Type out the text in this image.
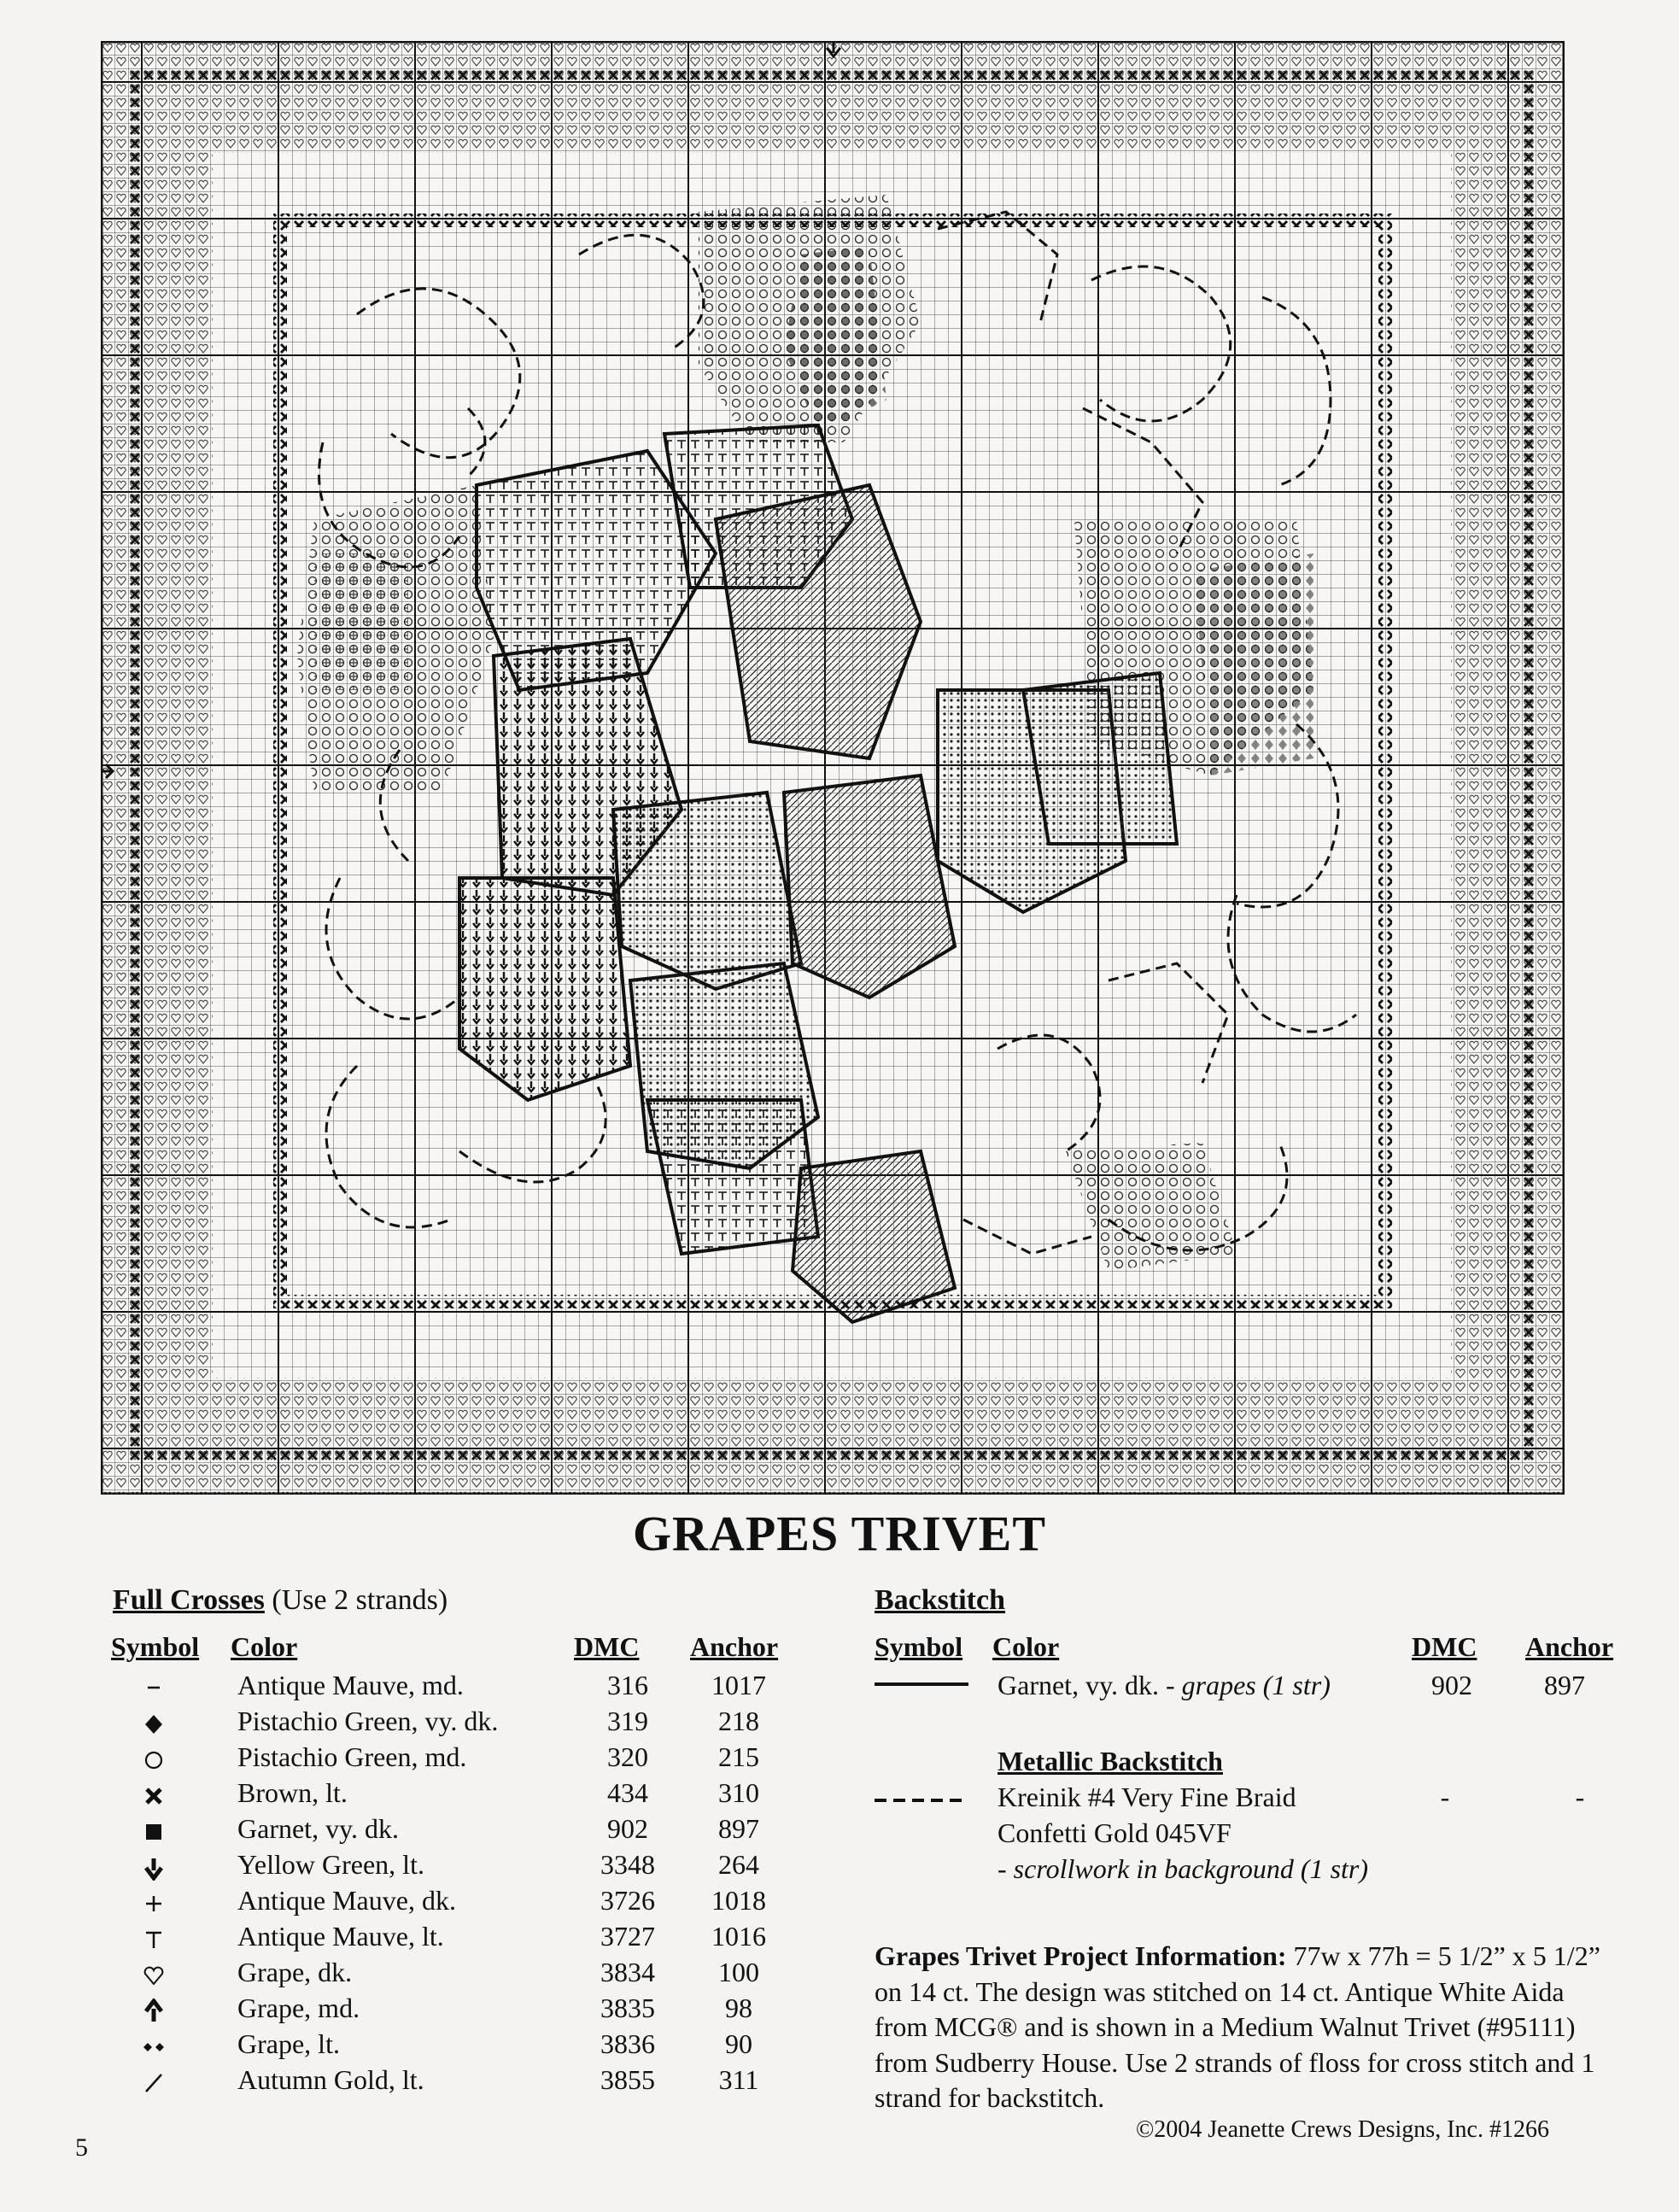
GRAPES TRIVET
Full Crosses (Use 2 strands)
Symbol Color	DMC Anchor
Antique Mauve, md.	316	1017
Pistachio Green, vy. dk.	319	218
Pistachio Green, md.	320	215
Brown, lt.	434	310
Garnet, vy. dk.	902	897
Yellow Green, lt.	3348	264
Antique Mauve, dk.	3726	1018
Antique Mauve, lt.	3727	1016
Grape, dk.	3834	100
Grape, md.	3835	98
Grape, lt.	3836	90
Autumn Gold, lt.	3855	311
Backstitch
Symbol Color	DMC Anchor
Garnet, vy. dk. - grapes (1 str)	902	897
Metallic Backstitch
Kreinik #4 Very Fine Braid
Confetti Gold 045VF
- scrollwork in background (1 str)
-	-
Grapes Trivet Project Information: 77w x 77h = 5 1/2” x 5 1/2” on 14 ct. The design was stitched on 14 ct. Antique White Aida from MCG® and is shown in a Medium Walnut Trivet (#95111) from Sudberry House. Use 2 strands of floss for cross stitch and 1 strand for backstitch.
5
©2004 Jeanette Crews Designs, Inc. #1266
